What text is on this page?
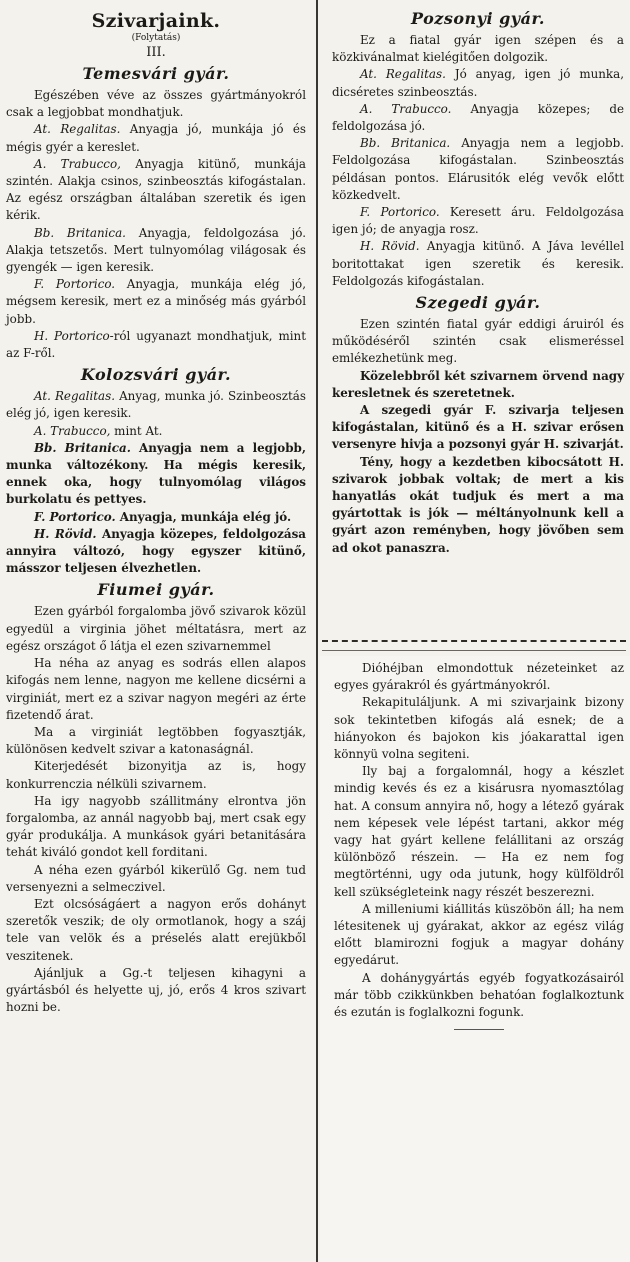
Szivarjaink.
(Folytatás)
III.
Temesvári gyár.

Egészében véve az összes gyártmányokról csak a legjobbat mondhatjuk.

At. Regalitas. Anyagja jó, munkája jó és mégis gyér a kereslet.

A. Trabucco, Anyagja kitünő, munkája szintén. Alakja csinos, szinbeosztás kifogástalan. Az egész országban általában szeretik és igen kérik.

Bb. Britanica. Anyagja, feldolgozása jó. Alakja tetszetős. Mert tulnyomólag világosak és gyengék — igen keresik.

F. Portorico. Anyagja, munkája elég jó, mégsem keresik, mert ez a minőség más gyárból jobb.

H. Portorico-ról ugyanazt mondhatjuk, mint az F-ről.

Kolozsvári gyár.

At. Regalitas. Anyag, munka jó. Szinbeosztás elég jó, igen keresik.

A. Trabucco, mint At.

Bb. Britanica. Anyagja nem a legjobb, munka változékony. Ha mégis keresik, ennek oka, hogy tulnyomólag világos burkolatu és pettyes.

F. Portorico. Anyagja, munkája elég jó.

H. Rövid. Anyagja közepes, feldolgozása annyira változó, hogy egyszer kitünő, másszor teljesen élvezhetlen.

Fiumei gyár.

Ezen gyárból forgalomba jövő szivarok közül egyedül a virginia jöhet méltatásra, mert az egész országot ő látja el ezen szivarnemmel

Ha néha az anyag es sodrás ellen alapos kifogás nem lenne, nagyon me kellene dicsérni a virginiát, mert ez a szivar nagyon megéri az érte fizetendő árat.

Ma a virginiát legtöbben fogyasztják, különösen kedvelt szivar a katonaságnál.

Kiterjedését bizonyitja az is, hogy konkurrenczia nélküli szivarnem.

Ha igy nagyobb szállitmány elrontva jön forgalomba, az annál nagyobb baj, mert csak egy gyár produkálja. A munkások gyári betanitására tehát kiváló gondot kell forditani.

A néha ezen gyárból kikerülő Gg. nem tud versenyezni a selmeczivel.

Ezt olcsóságáert a nagyon erős dohányt szeretők veszik; de oly ormotlanok, hogy a száj tele van velök és a préselés alatt erejükből veszitenek.

Ajánljuk a Gg.-t teljesen kihagyni a gyártásból és helyette uj, jó, erős 4 kros szivart hozni be.

Pozsonyi gyár.

Ez a fiatal gyár igen szépen és a közkivánalmat kielégitően dolgozik.

At. Regalitas. Jó anyag, igen jó munka, dicséretes szinbeosztás.

A. Trabucco. Anyagja közepes; de feldolgozása jó.

Bb. Britanica. Anyagja nem a legjobb. Feldolgozása kifogástalan. Szinbeosztás példásan pontos. Elárusitók elég vevők előtt közkedvelt.

F. Portorico. Keresett áru. Feldolgozása igen jó; de anyagja rosz.

H. Rövid. Anyagja kitünő. A Jáva levéllel boritottakat igen szeretik és keresik. Feldolgozás kifogástalan.

Szegedi gyár.

Ezen szintén fiatal gyár eddigi áruiról és működéséről szintén csak elismeréssel emlékezhetünk meg.

Közelebbről két szivarnem örvend nagy keresletnek és szeretetnek.

A szegedi gyár F. szivarja teljesen kifogástalan, kitünő és a H. szivar erősen versenyre hivja a pozsonyi gyár H. szivarját.

Tény, hogy a kezdetben kibocsátott H. szivarok jobbak voltak; de mert a kis hanyatlás okát tudjuk és mert a ma gyártottak is jók — méltányolnunk kell a gyárt azon reményben, hogy jövőben sem ad okot panaszra.

Dióhéjban elmondottuk nézeteinket az egyes gyárakról és gyártmányokról.

Rekapituláljunk. A mi szivarjaink bizony sok tekintetben kifogás alá esnek; de a hiányokon és bajokon kis jóakarattal igen könnyü volna segiteni.

Ily baj a forgalomnál, hogy a készlet mindig kevés és ez a kisárusra nyomasztólag hat. A consum annyira nő, hogy a létező gyárak nem képesek vele lépést tartani, akkor még vagy hat gyárt kellene felállitani az ország különböző részein. — Ha ez nem fog megtörténni, ugy oda jutunk, hogy külföldről kell szükségleteink nagy részét beszerezni.

A milleniumi kiállitás küszöbön áll; ha nem létesitenek uj gyárakat, akkor az egész világ előtt blamirozni fogjuk a magyar dohány egyedárut.

A dohánygyártás egyéb fogyatkozásairól már több czikkünkben behatóan foglalkoztunk és ezután is foglalkozni fogunk.
